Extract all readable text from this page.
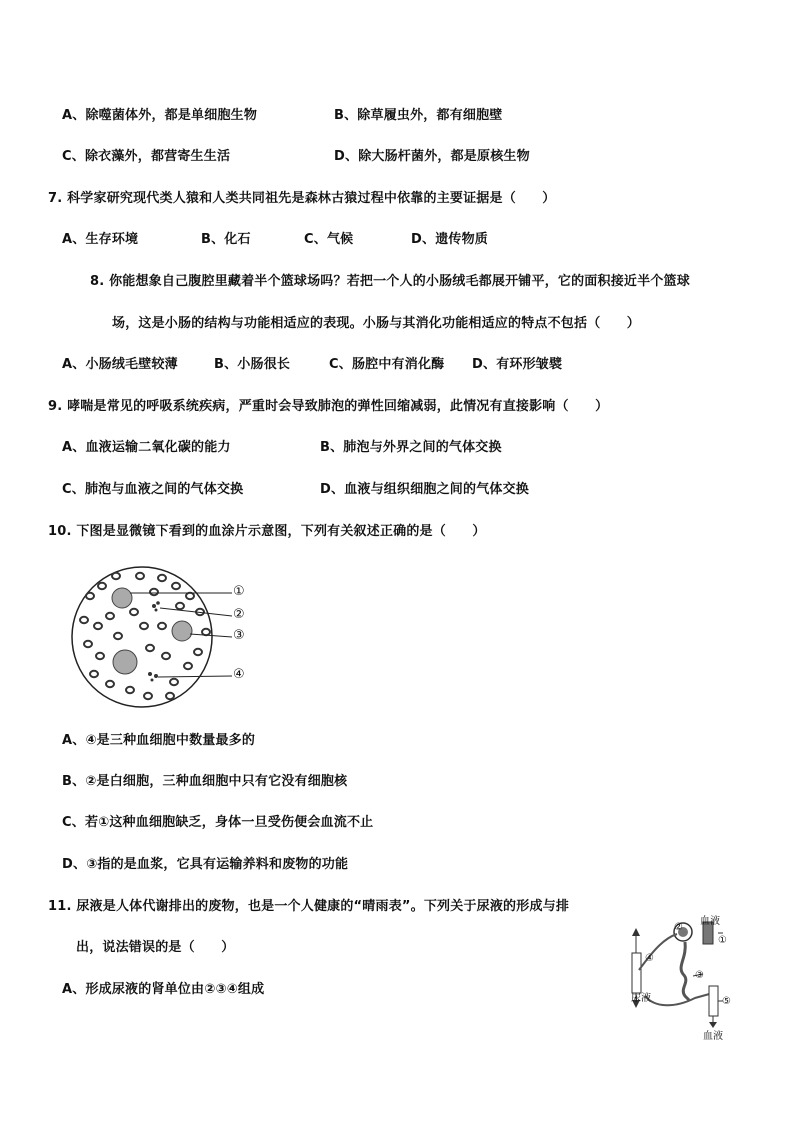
A、除噬菌体外，都是单细胞生物	B、除草履虫外，都有细胞壁
C、除衣藻外，都营寄生生活	D、除大肠杆菌外，都是原核生物
7. 科学家研究现代类人猿和人类共同祖先是森林古猿过程中依靠的主要证据是（　　）
A、生存环境	B、化石	C、气候	D、遗传物质
8. 你能想象自己腹腔里藏着半个篮球场吗？若把一个人的小肠绒毛都展开铺平，它的面积接近半个篮球
场，这是小肠的结构与功能相适应的表现。小肠与其消化功能相适应的特点不包括（　　）
A、小肠绒毛壁较薄	B、小肠很长	C、肠腔中有消化酶 D、有环形皱襞
9. 哮喘是常见的呼吸系统疾病，严重时会导致肺泡的弹性回缩减弱，此情况有直接影响（　　）
A、血液运输二氧化碳的能力	B、肺泡与外界之间的气体交换
C、肺泡与血液之间的气体交换	D、血液与组织细胞之间的气体交换
10. 下图是显微镜下看到的血涂片示意图，下列有关叙述正确的是（　　）
①
②
③
④
A、④是三种血细胞中数量最多的
B、②是白细胞，三种血细胞中只有它没有细胞核
C、若①这种血细胞缺乏，身体一旦受伤便会血流不止
D、③指的是血浆，它具有运输养料和废物的功能
11. 尿液是人体代谢排出的废物，也是一个人健康的“晴雨表”。下列关于尿液的形成与排
出，说法错误的是（　　）
A、形成尿液的肾单位由②③④组成
血液
②
①
④
③
尿液	⑤
血液
